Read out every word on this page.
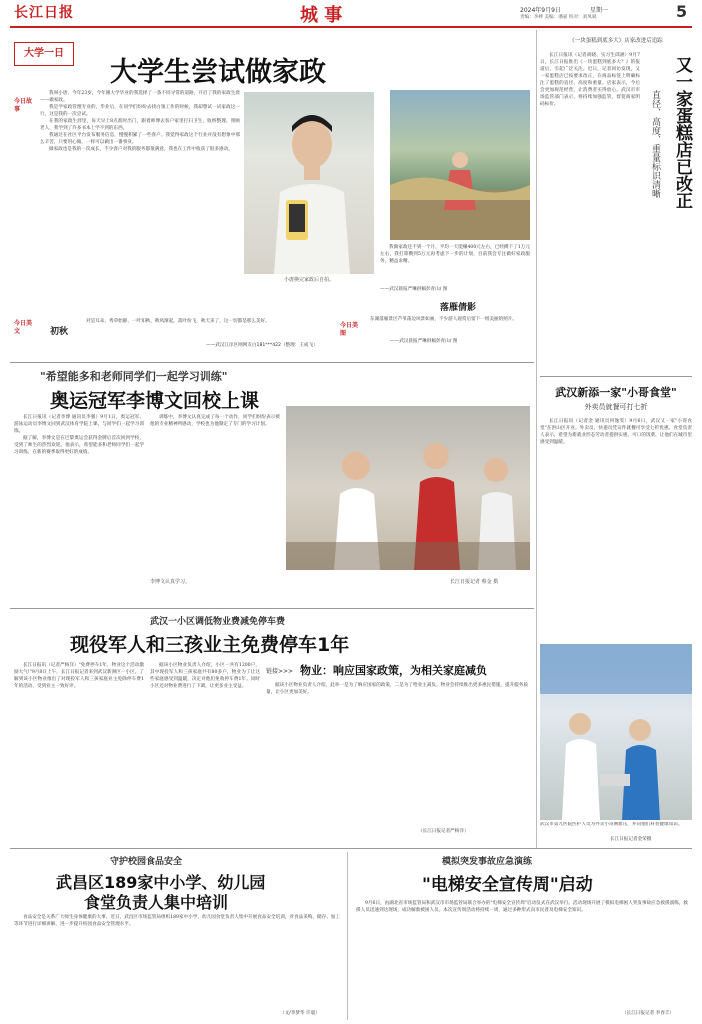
长江日报	城 事	2024年9月9日	星期一
责编：李棒 美编：潘嘉 校对：刘凤斌	5
大学一日
大学生尝试做家政
今日故事

我叫小唐，今年23岁，今年刚大学毕业的我选择了一条不同寻常的道路，开启了我的家政生涯——做家政。

我是学家政管理专业的，毕业后，在同学们纷纷去找白领工作的时候，我却想试一试家政这一行，这是我的一次尝试。

在我的家政生涯里，每天早上8点准时出门，跟着师傅去客户家里打扫卫生、收纳整理、照顾老人，我学到了许多书本上学不到的东西。

我通过在社区平台发布服务信息，慢慢积累了一些客户。我觉得家政这个行业并没有想象中那么辛苦，只要用心做，一样可以做出一番事业。

做家政也是我的一次成长，不少客户对我的服务都很满意，我也在工作中收获了很多感动。

小唐换完家政后自拍。

我做家政还不到一个月，平均一天能赚400元左右，已经攒下了1万元左右，我打算攒到5万元再考虑下一步的计划，目前我会专注做好家政服务，精益求精。

——武汉晨报严琳供稿彭青山/ 图
今日美图
落雁倩影

东湖落雁景区芦苇荡边风景如画，不少游人观赏后留下一组美丽的照片。

——武汉晨报严琳供稿彭青山/ 图
今日美文	初秋

对是耳朵，秀草始静，一叶知秋，秋风渐起，落叶纷飞，秋天来了，这一切都是那么美好。

——武汉江岸区网网友白181***422（整理：王成飞）
"希望能多和老师同学们一起学习训练"
奥运冠军李博文回校上课

长江日报讯（记者李博 通讯员李强）9月1日，奥运冠军、游泳运动员李博文回到武汉体育学院上课，与同学们一起学习训练。

据了解，李博文是在巴黎奥运会获得金牌后首次回到学校，受到了师生的热烈欢迎。他表示，希望能多和老师同学们一起学习训练，在新的赛季取得更好的成绩。

训练中，李博文认真完成了每一个动作，同学们纷纷表示被他的专业精神所感动，学校也为他制定了专门的学习计划。

李博文认真学习。	长江日报记者 蔡金 摄
武汉一小区调低物业费减免停车费
现役军人和三孩业主免费停车1年

长江日报讯（记者严杨洋）"免费停车1年，物业这个活动激励大气!"9月8日上午，长江日报记者来到武汉新洲区一小区，了解到该小区物业推出了对现役军人和三孩家庭业主免除停车费1年的活动，受到业主一致好评。

据该小区物业负责人介绍，小区一共有1200户，其中现役军人和三孩家庭共有80多户，物业为了让这些家庭感受到温暖，决定对他们免收停车费1年。同时小区还对物业费进行了下调，让更多业主受益。

链接>>> 物业：响应国家政策，为相关家庭减负

据该小区物业负责人介绍，此举一是为了响应国家的政策，二是为了给业主减负。物业会持续推出更多惠民措施，提升服务质量，让小区更加美好。

（长江日报记者严杨洋）
守护校园食品安全
武昌区189家中小学、幼儿园
食堂负责人集中培训

食品安全是关系广大师生身体健康的大事。近日，武昌区市场监管局组织189家中小学、幼儿园食堂负责人集中开展食品安全培训，对食品采购、储存、加工等环节进行详细讲解，进一步提升校园食品安全管理水平。

（文/李梦华 许寰）
模拟突发事故应急演练
"电梯安全宣传周"启动

9月6日，由湖北省市场监管局和武汉市市场监管局联合举办的"电梯安全宣传周"启动仪式在武汉举行。活动现场开展了模拟电梯困人突发事故应急救援演练，救援人员迅速到达现场，成功解救被困人员。本次宣传周活动将持续一周，通过多种形式向市民普及电梯安全知识。

（长江日报记者 李春丰）
《一块蛋糕到底多大》店家改进后追踪

长江日报讯（记者胡晓、实习生邱涵）9月7日，长江日报推出《一块蛋糕到底多大？》的报道后，引起广泛关注。近日，记者回访发现，又一家蛋糕店已按要求改正，在商品标签上明确标注了蛋糕的直径、高度和重量。店家表示，今后会更加规范经营，让消费者买得放心。武汉市市场监管部门表示，将持续加强监管，督促商家明码标价。	又一家蛋糕店已改正
直径、高度、重量标识清晰
武汉新添一家"小哥食堂"
外卖员就餐可打七折

长江日报讯（记者金 通讯员何逸雯）9月6日，武汉又一家"小哥食堂"在洪山区开业。外卖员、快递员凭证件就餐可享受七折优惠。食堂负责人表示，希望为新就业形态劳动者提供实惠、可口的饭菜，让他们在城市里感受到温暖。

武汉市第九医院医护人员为外卖小哥测血压，并向他们科普健康知识。
长江日报记者金荣摄
